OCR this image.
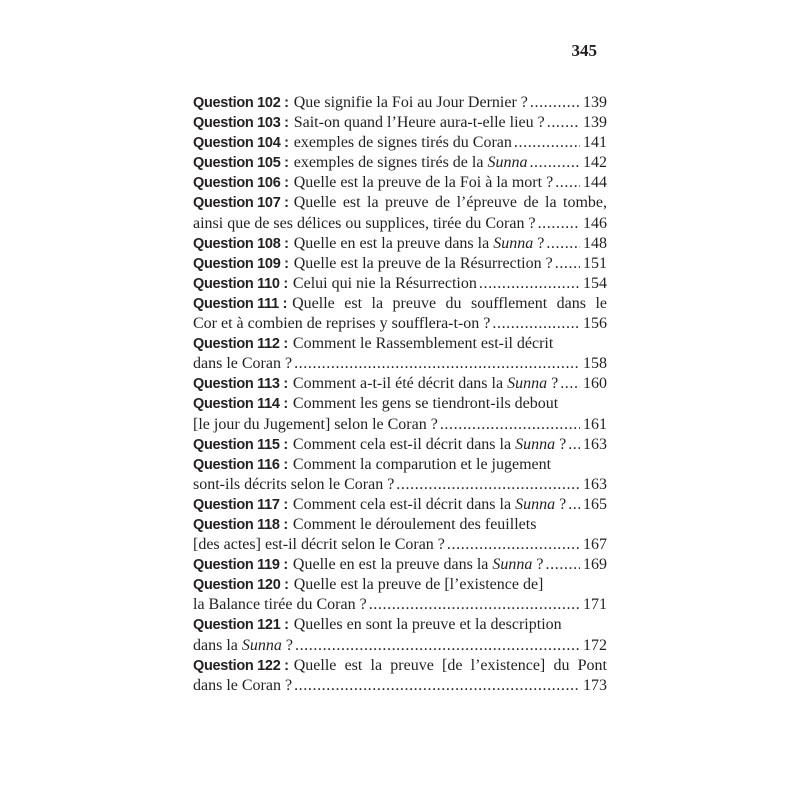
345
Question 102 : Que signifie la Foi au Jour Dernier ? .....	139
Question 103 : Sait-on quand l’Heure aura-t-elle lieu ? ..... 139
Question 104 : exemples de signes tirés du Coran .....	141
Question 105 : exemples de signes tirés de la Sunna .....	142
Question 106 : Quelle est la preuve de la Foi à la mort ? ..... 144
Question 107 : Quelle est la preuve de l’épreuve de la tombe,
ainsi que de ses délices ou supplices, tirée du Coran ? .....	146
Question 108 : Quelle en est la preuve dans la Sunna ? ..... 148
Question 109 : Quelle est la preuve de la Résurrection ? ..... 151
Question 110 : Celui qui nie la Résurrection .....	154
Question 111 : Quelle est la preuve du soufflement dans le
Cor et à combien de reprises y soufflera-t-on ? .....	156
Question 112 : Comment le Rassemblement est-il décrit
dans le Coran ? .....	158
Question 113 : Comment a-t-il été décrit dans la Sunna ? ..... 160
Question 114 : Comment les gens se tiendront-ils debout
[le jour du Jugement] selon le Coran ? .....	161
Question 115 : Comment cela est-il décrit dans la Sunna ? ..... 163
Question 116 : Comment la comparution et le jugement
sont-ils décrits selon le Coran ? .....	163
Question 117 : Comment cela est-il décrit dans la Sunna ? ..... 165
Question 118 : Comment le déroulement des feuillets
[des actes] est-il décrit selon le Coran ? .....	167
Question 119 : Quelle en est la preuve dans la Sunna ? ..... 169
Question 120 : Quelle est la preuve de [l’existence de]
la Balance tirée du Coran ? .....	171
Question 121 : Quelles en sont la preuve et la description
dans la Sunna ? .....	172
Question 122 : Quelle est la preuve [de l’existence] du Pont
dans le Coran ? .....	173
